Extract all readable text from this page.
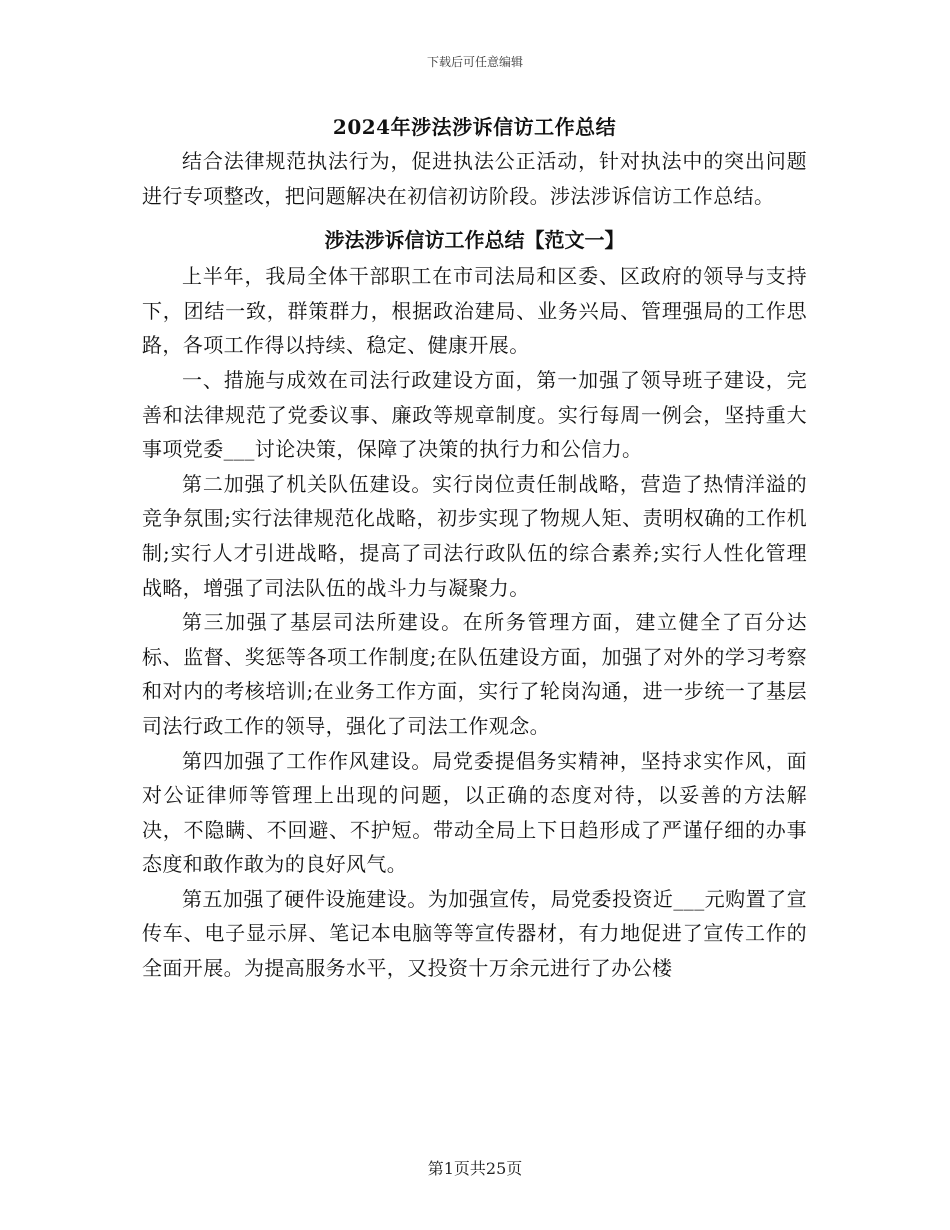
下载后可任意编辑
2024年涉法涉诉信访工作总结

结合法律规范执法行为，促进执法公正活动，针对执法中的突出问题进行专项整改，把问题解决在初信初访阶段。涉法涉诉信访工作总结。

涉法涉诉信访工作总结【范文一】

上半年，我局全体干部职工在市司法局和区委、区政府的领导与支持下，团结一致，群策群力，根据政治建局、业务兴局、管理强局的工作思路，各项工作得以持续、稳定、健康开展。

一、措施与成效在司法行政建设方面，第一加强了领导班子建设，完善和法律规范了党委议事、廉政等规章制度。实行每周一例会，坚持重大事项党委___讨论决策，保障了决策的执行力和公信力。

第二加强了机关队伍建设。实行岗位责任制战略，营造了热情洋溢的竞争氛围;实行法律规范化战略，初步实现了物规人矩、责明权确的工作机制;实行人才引进战略，提高了司法行政队伍的综合素养;实行人性化管理战略，增强了司法队伍的战斗力与凝聚力。

第三加强了基层司法所建设。在所务管理方面，建立健全了百分达标、监督、奖惩等各项工作制度;在队伍建设方面，加强了对外的学习考察和对内的考核培训;在业务工作方面，实行了轮岗沟通，进一步统一了基层司法行政工作的领导，强化了司法工作观念。

第四加强了工作作风建设。局党委提倡务实精神，坚持求实作风，面对公证律师等管理上出现的问题，以正确的态度对待，以妥善的方法解决，不隐瞒、不回避、不护短。带动全局上下日趋形成了严谨仔细的办事态度和敢作敢为的良好风气。

第五加强了硬件设施建设。为加强宣传，局党委投资近___元购置了宣传车、电子显示屏、笔记本电脑等等宣传器材，有力地促进了宣传工作的全面开展。为提高服务水平，又投资十万余元进行了办公楼

第1页共25页
